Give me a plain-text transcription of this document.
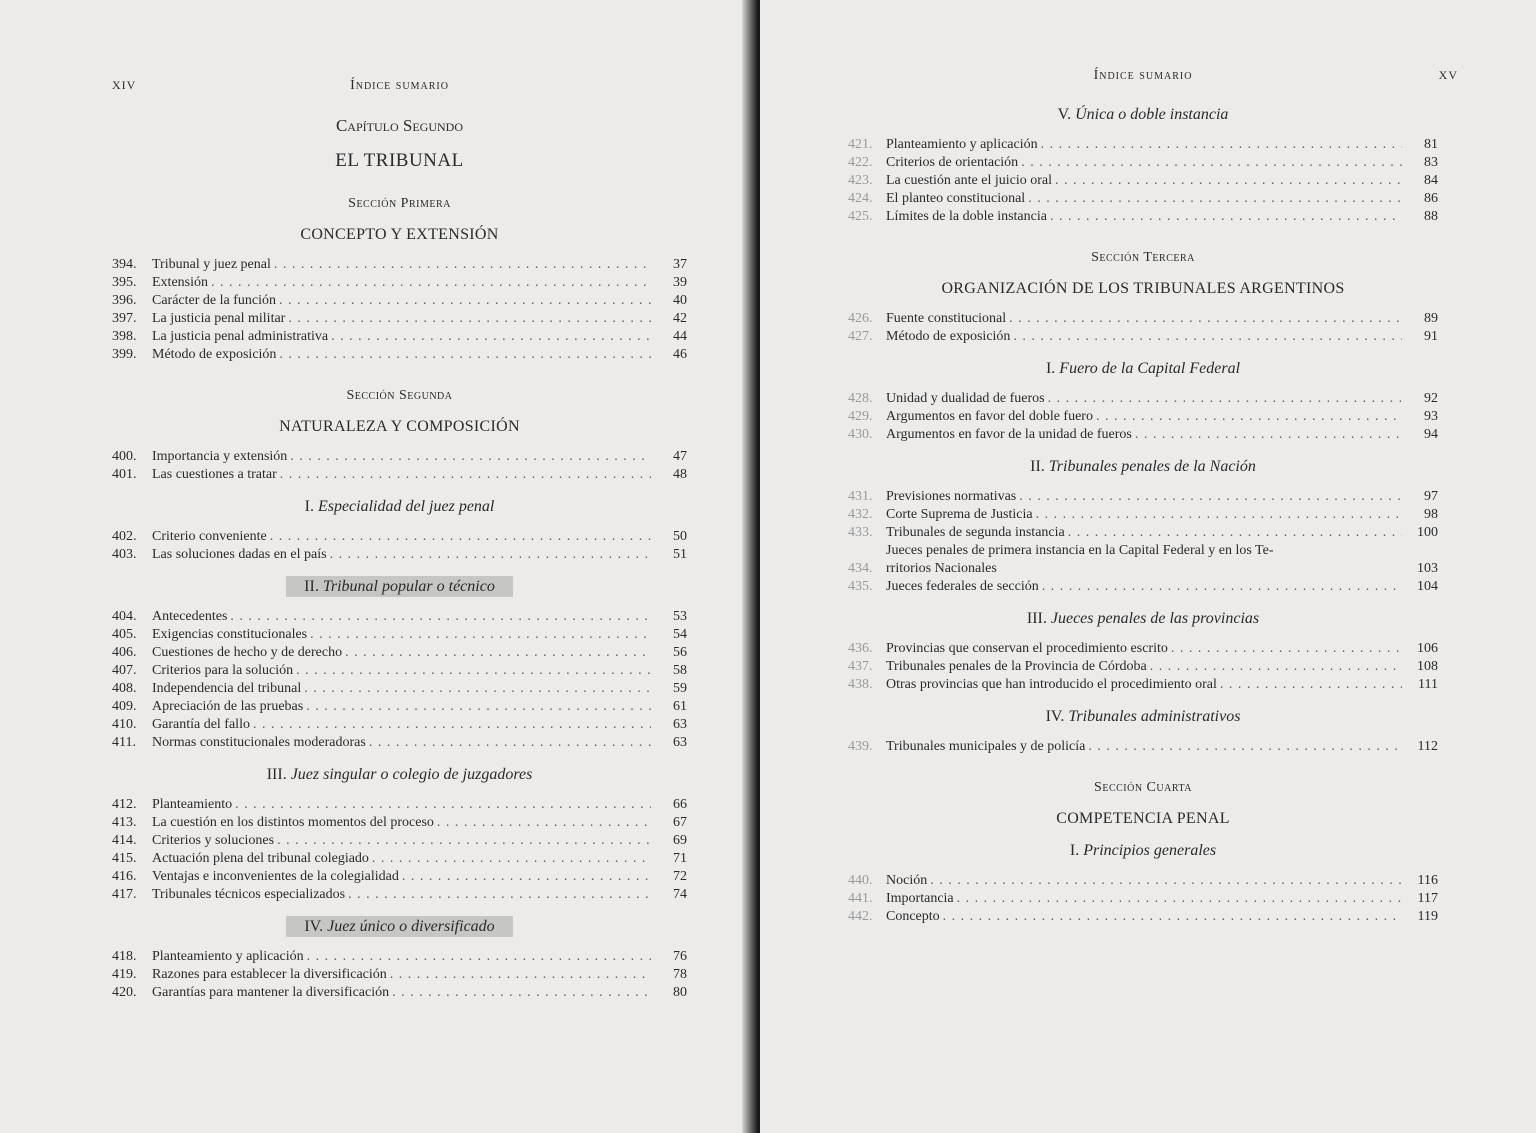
XIV	Índice sumario
Capítulo Segundo
EL TRIBUNAL
Sección Primera
CONCEPTO Y EXTENSIÓN
394.	Tribunal y juez penal . . .	37
395.	Extensión . . .	39
396.	Carácter de la función . . .	40
397.	La justicia penal militar . . .	42
398.	La justicia penal administrativa . . .	44
399.	Método de exposición . . .	46
Sección Segunda
NATURALEZA Y COMPOSICIÓN
400.	Importancia y extensión . . .	47
401.	Las cuestiones a tratar . . .	48
I. Especialidad del juez penal
402.	Criterio conveniente . . .	50
403.	Las soluciones dadas en el país . . .	51
II. Tribunal popular o técnico
404.	Antecedentes . . .	53
405.	Exigencias constitucionales . . .	54
406.	Cuestiones de hecho y de derecho . . .	56
407.	Criterios para la solución . . .	58
408.	Independencia del tribunal . . .	59
409.	Apreciación de las pruebas . . .	61
410.	Garantía del fallo . . .	63
411.	Normas constitucionales moderadoras . . .	63
III. Juez singular o colegio de juzgadores
412.	Planteamiento . . .	66
413.	La cuestión en los distintos momentos del proceso . . .	67
414.	Criterios y soluciones . . .	69
415.	Actuación plena del tribunal colegiado . . .	71
416.	Ventajas e inconvenientes de la colegialidad . . .	72
417.	Tribunales técnicos especializados . . .	74
IV. Juez único o diversificado
418.	Planteamiento y aplicación . . .	76
419.	Razones para establecer la diversificación . . .	78
420.	Garantías para mantener la diversificación . . .	80
Índice sumario	XV
V. Única o doble instancia
421. Planteamiento y aplicación . . .	81
422. Criterios de orientación . . .	83
423. La cuestión ante el juicio oral . . .	84
424. El planteo constitucional . . .	86
425. Límites de la doble instancia . . .	88
Sección Tercera
ORGANIZACIÓN DE LOS TRIBUNALES ARGENTINOS
426. Fuente constitucional . . .	89
427. Método de exposición . . .	91
I. Fuero de la Capital Federal
428. Unidad y dualidad de fueros . . .	92
429. Argumentos en favor del doble fuero . . .	93
430. Argumentos en favor de la unidad de fueros . . .	94
II. Tribunales penales de la Nación
431. Previsiones normativas . . .	97
432. Corte Suprema de Justicia . . .	98
433. Tribunales de segunda instancia . . .	100
434.
Jueces penales de primera instancia en la Capital Federal y en los Te-
rritorios Nacionales	103
435. Jueces federales de sección . . .	104
III. Jueces penales de las provincias
436. Provincias que conservan el procedimiento escrito . . .	106
437. Tribunales penales de la Provincia de Córdoba . . .	108
438. Otras provincias que han introducido el procedimiento oral . . .	111
IV. Tribunales administrativos
439. Tribunales municipales y de policía . . .	112
Sección Cuarta
COMPETENCIA PENAL
I. Principios generales
440. Noción . . .	116
441. Importancia . . .	117
442. Concepto . . .	119
